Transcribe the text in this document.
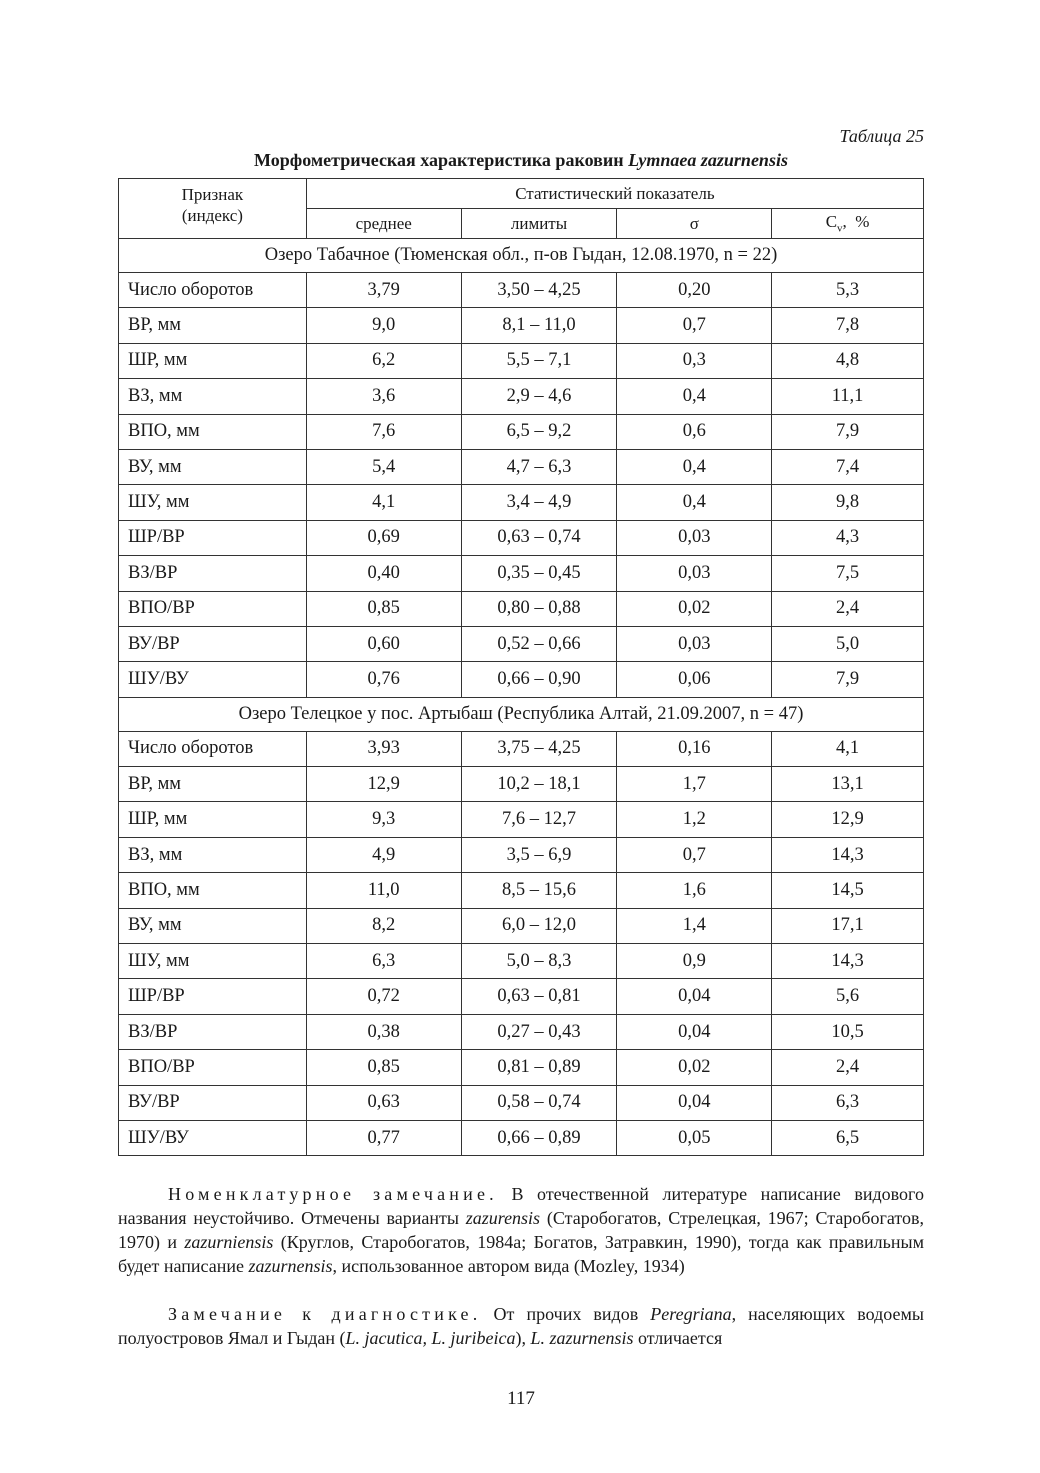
Таблица 25
Морфометрическая характеристика раковин Lymnaea zazurnensis
Признак
(индекс)	Статистический показатель			
	среднее	лимиты	σ	$C_v$,  %
Озеро Табачное (Тюменская обл., п-ов Гыдан, 12.08.1970, n = 22)				
Число оборотов	3,79	3,50 – 4,25	0,20	5,3
ВР, мм	9,0	8,1 – 11,0	0,7	7,8
ШР, мм	6,2	5,5 – 7,1	0,3	4,8
ВЗ, мм	3,6	2,9 – 4,6	0,4	11,1
ВПО, мм	7,6	6,5 – 9,2	0,6	7,9
ВУ, мм	5,4	4,7 – 6,3	0,4	7,4
ШУ, мм	4,1	3,4 – 4,9	0,4	9,8
ШР/ВР	0,69	0,63 – 0,74	0,03	4,3
ВЗ/ВР	0,40	0,35 – 0,45	0,03	7,5
ВПО/ВР	0,85	0,80 – 0,88	0,02	2,4
ВУ/ВР	0,60	0,52 – 0,66	0,03	5,0
ШУ/ВУ	0,76	0,66 – 0,90	0,06	7,9
Озеро Телецкое у пос. Артыбаш (Республика Алтай, 21.09.2007, n = 47)				
Число оборотов	3,93	3,75 – 4,25	0,16	4,1
ВР, мм	12,9	10,2 – 18,1	1,7	13,1
ШР, мм	9,3	7,6 – 12,7	1,2	12,9
ВЗ, мм	4,9	3,5 – 6,9	0,7	14,3
ВПО, мм	11,0	8,5 – 15,6	1,6	14,5
ВУ, мм	8,2	6,0 – 12,0	1,4	17,1
ШУ, мм	6,3	5,0 – 8,3	0,9	14,3
ШР/ВР	0,72	0,63 – 0,81	0,04	5,6
ВЗ/ВР	0,38	0,27 – 0,43	0,04	10,5
ВПО/ВР	0,85	0,81 – 0,89	0,02	2,4
ВУ/ВР	0,63	0,58 – 0,74	0,04	6,3
ШУ/ВУ	0,77	0,66 – 0,89	0,05	6,5
Номенклатурное замечание. В отечественной литературе написание видового названия неустойчиво. Отмечены варианты zazurensis (Старобогатов, Стрелецкая, 1967; Старобогатов, 1970) и zazurniensis (Круглов, Старобогатов, 1984а; Богатов, Затравкин, 1990), тогда как правильным будет написание zazurnensis, использованное автором вида (Mozley, 1934)
Замечание к диагностике. От прочих видов Peregriana, населяющих водоемы полуостровов Ямал и Гыдан (L. jacutica, L. juribeica), L. zazurnensis отличается
117
